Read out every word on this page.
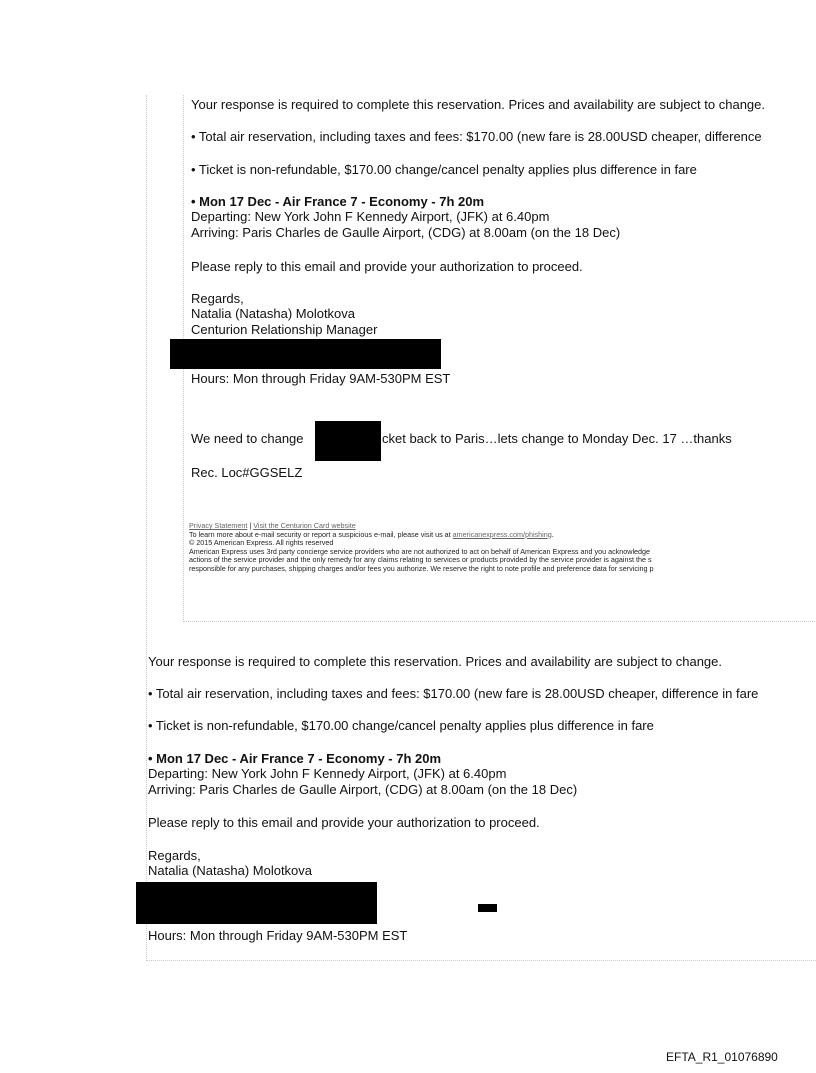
Your response is required to complete this reservation. Prices and availability are subject to change.
• Total air reservation, including taxes and fees: $170.00 (new fare is 28.00USD cheaper, difference
• Ticket is non-refundable, $170.00 change/cancel penalty applies plus difference in fare
• Mon 17 Dec - Air France 7 - Economy - 7h 20m
Departing: New York John F Kennedy Airport, (JFK) at 6.40pm
Arriving: Paris Charles de Gaulle Airport, (CDG) at 8.00am (on the 18 Dec)
Please reply to this email and provide your authorization to proceed.
Regards,
Natalia (Natasha) Molotkova
Centurion Relationship Manager
Hours: Mon through Friday 9AM-530PM EST
We need to change	cket back to Paris…lets change to Monday Dec. 17 …thanks
Rec. Loc#GGSELZ
Privacy Statement | Visit the Centurion Card website
To learn more about e-mail security or report a suspicious e-mail, please visit us at americanexpress.com/phishing.
© 2015 American Express. All rights reserved
American Express uses 3rd party concierge service providers who are not authorized to act on behalf of American Express and you acknowledge
actions of the service provider and the only remedy for any claims relating to services or products provided by the service provider is against the s
responsible for any purchases, shipping charges and/or fees you authorize. We reserve the right to note profile and preference data for servicing p
Your response is required to complete this reservation. Prices and availability are subject to change.
• Total air reservation, including taxes and fees: $170.00 (new fare is 28.00USD cheaper, difference in fare
• Ticket is non-refundable, $170.00 change/cancel penalty applies plus difference in fare
• Mon 17 Dec - Air France 7 - Economy - 7h 20m
Departing: New York John F Kennedy Airport, (JFK) at 6.40pm
Arriving: Paris Charles de Gaulle Airport, (CDG) at 8.00am (on the 18 Dec)
Please reply to this email and provide your authorization to proceed.
Regards,
Natalia (Natasha) Molotkova
Hours: Mon through Friday 9AM-530PM EST
EFTA_R1_01076890
